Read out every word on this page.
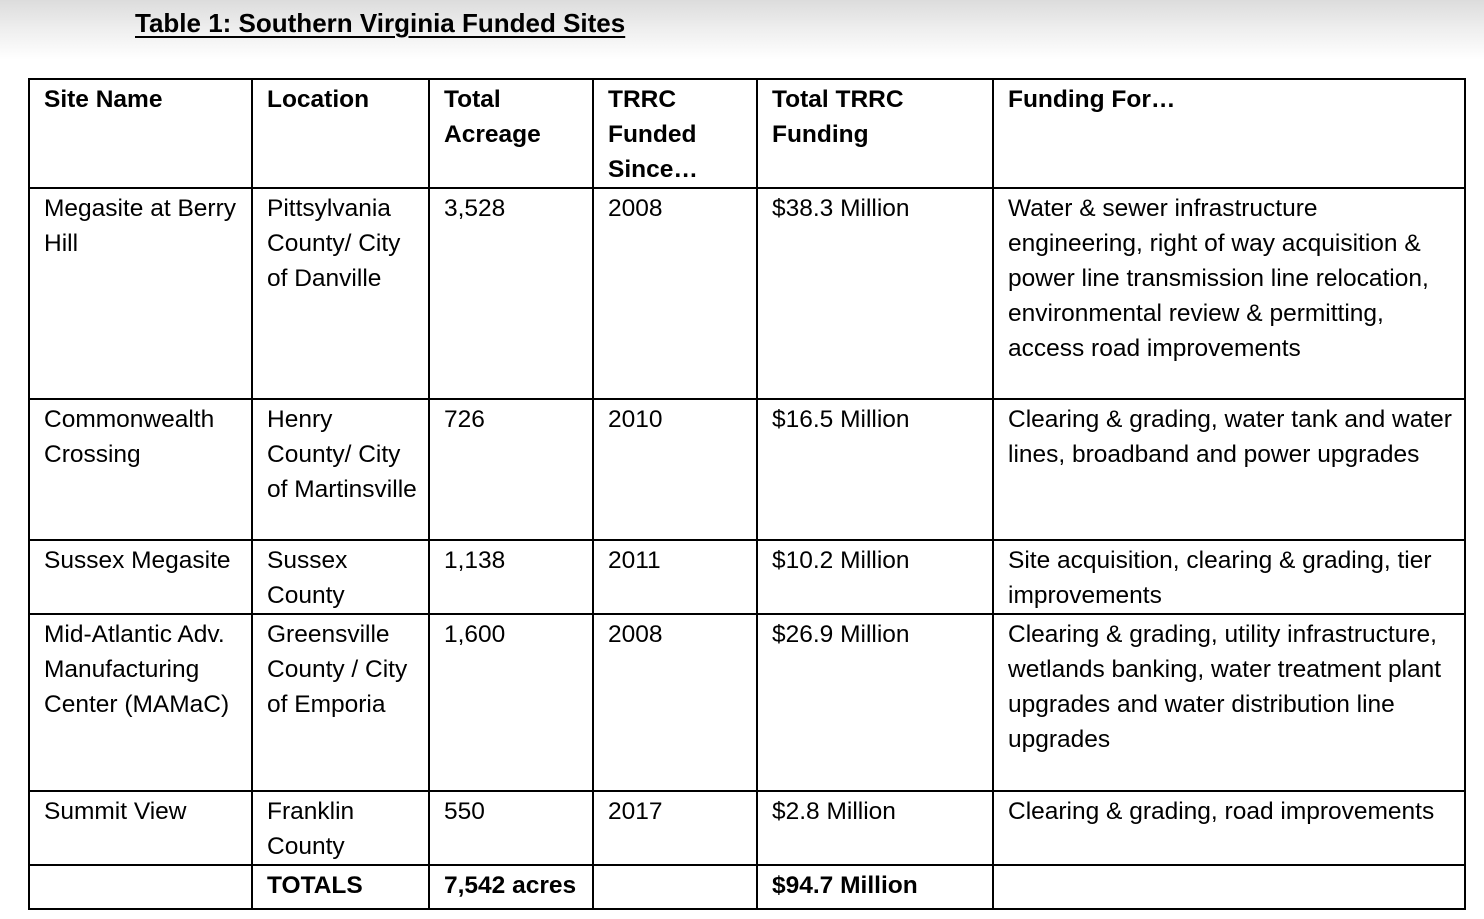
Table 1: Southern Virginia Funded Sites
Site Name	Location	Total Acreage	TRRC Funded Since…	Total TRRC Funding	Funding For…
Megasite at Berry Hill	Pittsylvania County/ City of Danville	3,528	2008	$38.3 Million	Water & sewer infrastructure engineering, right of way acquisition & power line transmission line relocation, environmental review & permitting, access road improvements
Commonwealth Crossing	Henry County/ City of Martinsville	726	2010	$16.5 Million	Clearing & grading, water tank and water lines, broadband and power upgrades
Sussex Megasite	Sussex County	1,138	2011	$10.2 Million	Site acquisition, clearing & grading, tier improvements
Mid-Atlantic Adv. Manufacturing Center (MAMaC)	Greensville County / City of Emporia	1,600	2008	$26.9 Million	Clearing & grading, utility infrastructure, wetlands banking, water treatment plant upgrades and water distribution line upgrades
Summit View	Franklin County	550	2017	$2.8 Million	Clearing & grading, road improvements
	TOTALS	7,542 acres		$94.7 Million	
